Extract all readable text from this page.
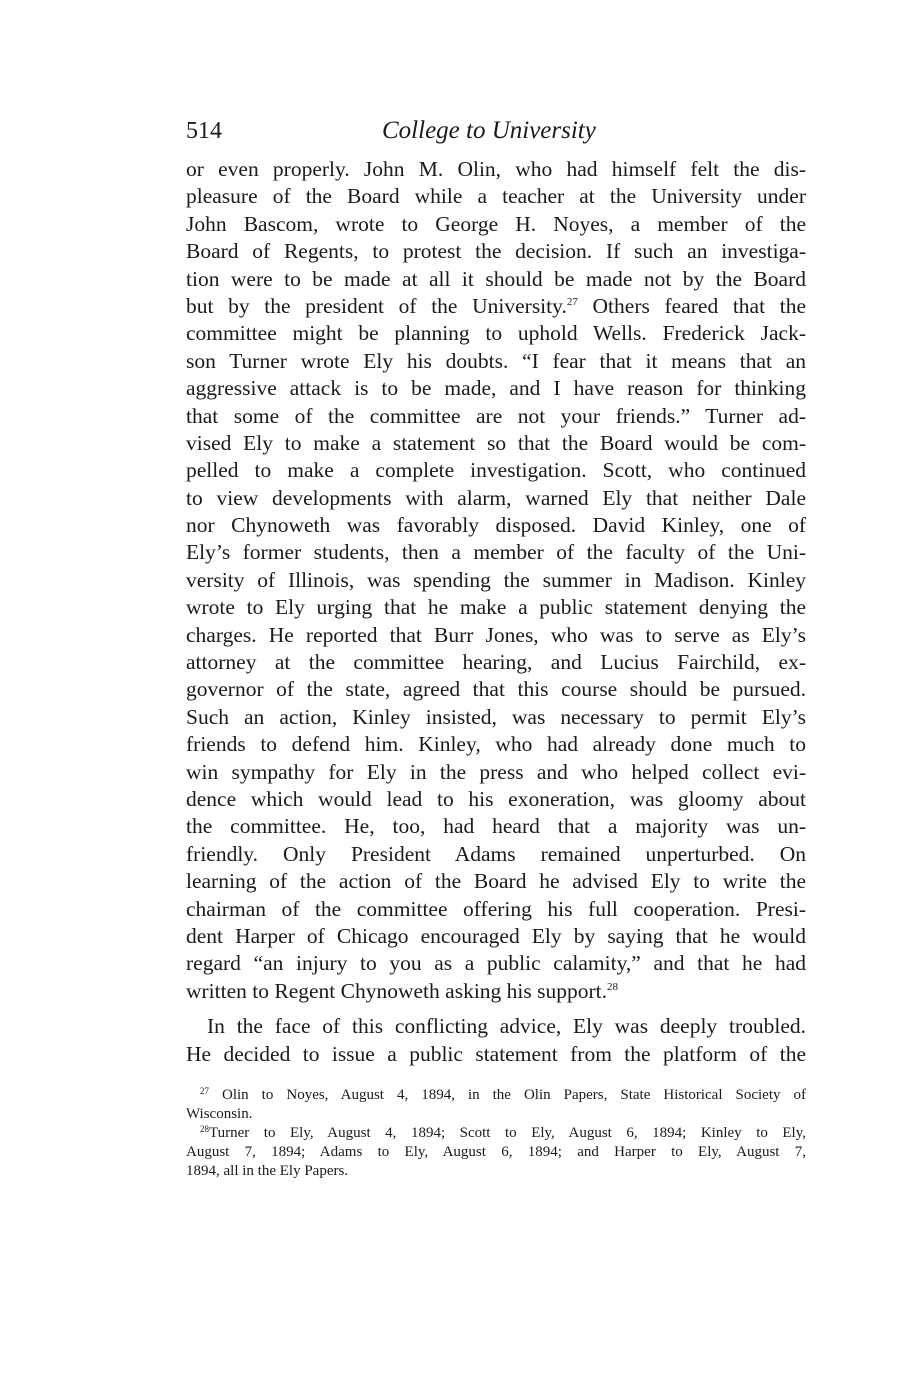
514	College to University
or even properly. John M. Olin, who had himself felt the dis-
pleasure of the Board while a teacher at the University under
John Bascom, wrote to George H. Noyes, a member of the
Board of Regents, to protest the decision. If such an investiga-
tion were to be made at all it should be made not by the Board
but by the president of the University.$^{27}$ Others feared that the
committee might be planning to uphold Wells. Frederick Jack-
son Turner wrote Ely his doubts. “I fear that it means that an
aggressive attack is to be made, and I have reason for thinking
that some of the committee are not your friends.” Turner ad-
vised Ely to make a statement so that the Board would be com-
pelled to make a complete investigation. Scott, who continued
to view developments with alarm, warned Ely that neither Dale
nor Chynoweth was favorably disposed. David Kinley, one of
Ely’s former students, then a member of the faculty of the Uni-
versity of Illinois, was spending the summer in Madison. Kinley
wrote to Ely urging that he make a public statement denying the
charges. He reported that Burr Jones, who was to serve as Ely’s
attorney at the committee hearing, and Lucius Fairchild, ex-
governor of the state, agreed that this course should be pursued.
Such an action, Kinley insisted, was necessary to permit Ely’s
friends to defend him. Kinley, who had already done much to
win sympathy for Ely in the press and who helped collect evi-
dence which would lead to his exoneration, was gloomy about
the committee. He, too, had heard that a majority was un-
friendly. Only President Adams remained unperturbed. On
learning of the action of the Board he advised Ely to write the
chairman of the committee offering his full cooperation. Presi-
dent Harper of Chicago encouraged Ely by saying that he would
regard “an injury to you as a public calamity,” and that he had
written to Regent Chynoweth asking his support.$^{28}$
In the face of this conflicting advice, Ely was deeply troubled.
He decided to issue a public statement from the platform of the
$^{27}$ Olin to Noyes, August 4, 1894, in the Olin Papers, State Historical Society of
Wisconsin.
$^{28}$Turner to Ely, August 4, 1894; Scott to Ely, August 6, 1894; Kinley to Ely,
August 7, 1894; Adams to Ely, August 6, 1894; and Harper to Ely, August 7,
1894, all in the Ely Papers.
